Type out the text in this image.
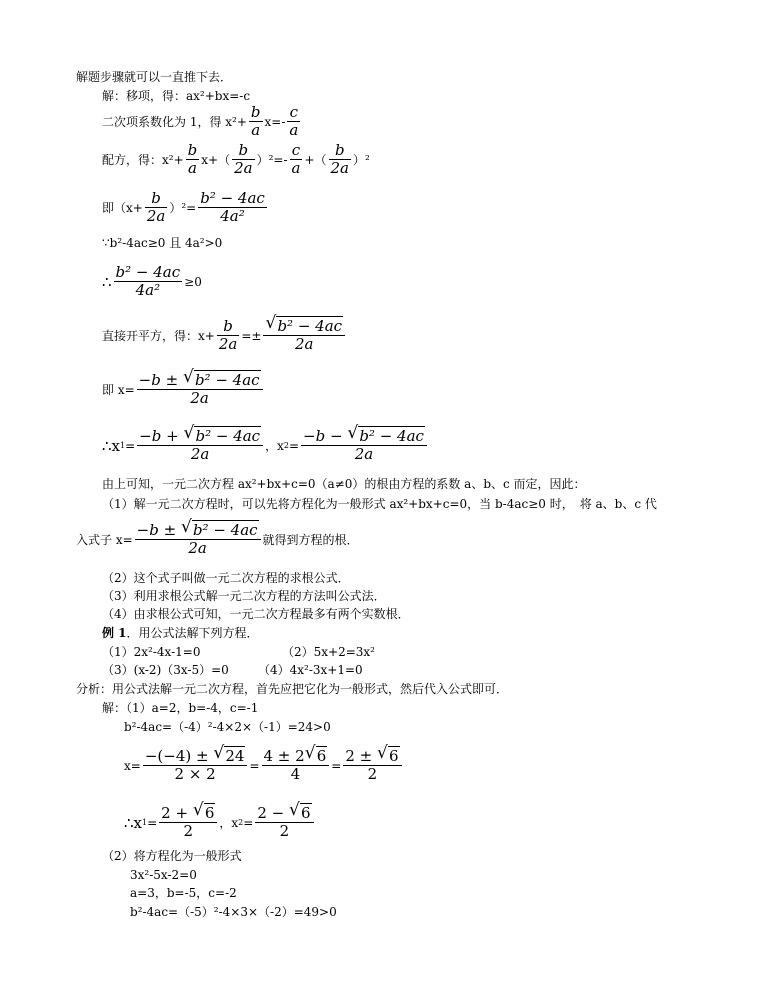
解题步骤就可以一直推下去．
解：移项，得：ax²+bx=-c
二次项系数化为 1，得 $x^2+ \frac{b}{a} x=- \frac{c}{a}$
配方，得：$x^2+ \frac{b}{a} x+( \frac{b}{2a} )^2=- \frac{c}{a}$ +（ $\frac{b}{2a} )^2$
即$(x+ \frac{b}{2a} )^2= \frac{\text{b² − 4ac}}{\text{4a²}}$
∵b²-4ac≥0 且 4a²>0
∴ $\frac{\text{b² − 4ac}}{\text{4a²}} \ge 0$
直接开平方，得：$x+ \frac{b}{2a}$ =± √ $\frac{\text{b² − 4ac}}{2a}$
即 $x= \frac{\text{−b ± √ b² − 4ac}}{2a}$
∴x $1 = \frac{\text{−b + √ b² − 4ac}}{2a}$ ，x $2 = \frac{\text{−b − √ b² − 4ac}}{2a}$
由上可知，一元二次方程 ax²+bx+c=0（a≠0）的根由方程的系数 a、b、c 而定，因此：
（1）解一元二次方程时，可以先将方程化为一般形式 ax²+bx+c=0，当 b-4ac≥0 时，　将 a、b、c 代
入式子 $x= \frac{\text{−b ± √ b² − 4ac}}{2a}$ 就得到方程的根．
（2）这个式子叫做一元二次方程的求根公式．
（3）利用求根公式解一元二次方程的方法叫公式法．
（4）由求根公式可知，一元二次方程最多有两个实数根．
例 1．用公式法解下列方程．
（1）2x²-4x-1=0	（2）5x+2=3x²
（3）(x-2)（3x-5）=0 （4）4x²-3x+1=0
分析：用公式法解一元二次方程，首先应把它化为一般形式，然后代入公式即可．
解：（1）a=2，b=-4，c=-1
b²-4ac=（-4）²-4×2×（-1）=24>0
$x= \frac{-(-4) \pm √ 24}{2 \times 2} = \frac{4 \pm 2 √ 6}{4} = \frac{2 \pm √ 6}{2}$
∴x $1 = \frac{2 + √ 6}{2}$ ，x $2 = \frac{2 - √ 6}{2}$
（2）将方程化为一般形式
3x²-5x-2=0
a=3，b=-5，c=-2
b²-4ac=（-5）²-4×3×（-2）=49>0
